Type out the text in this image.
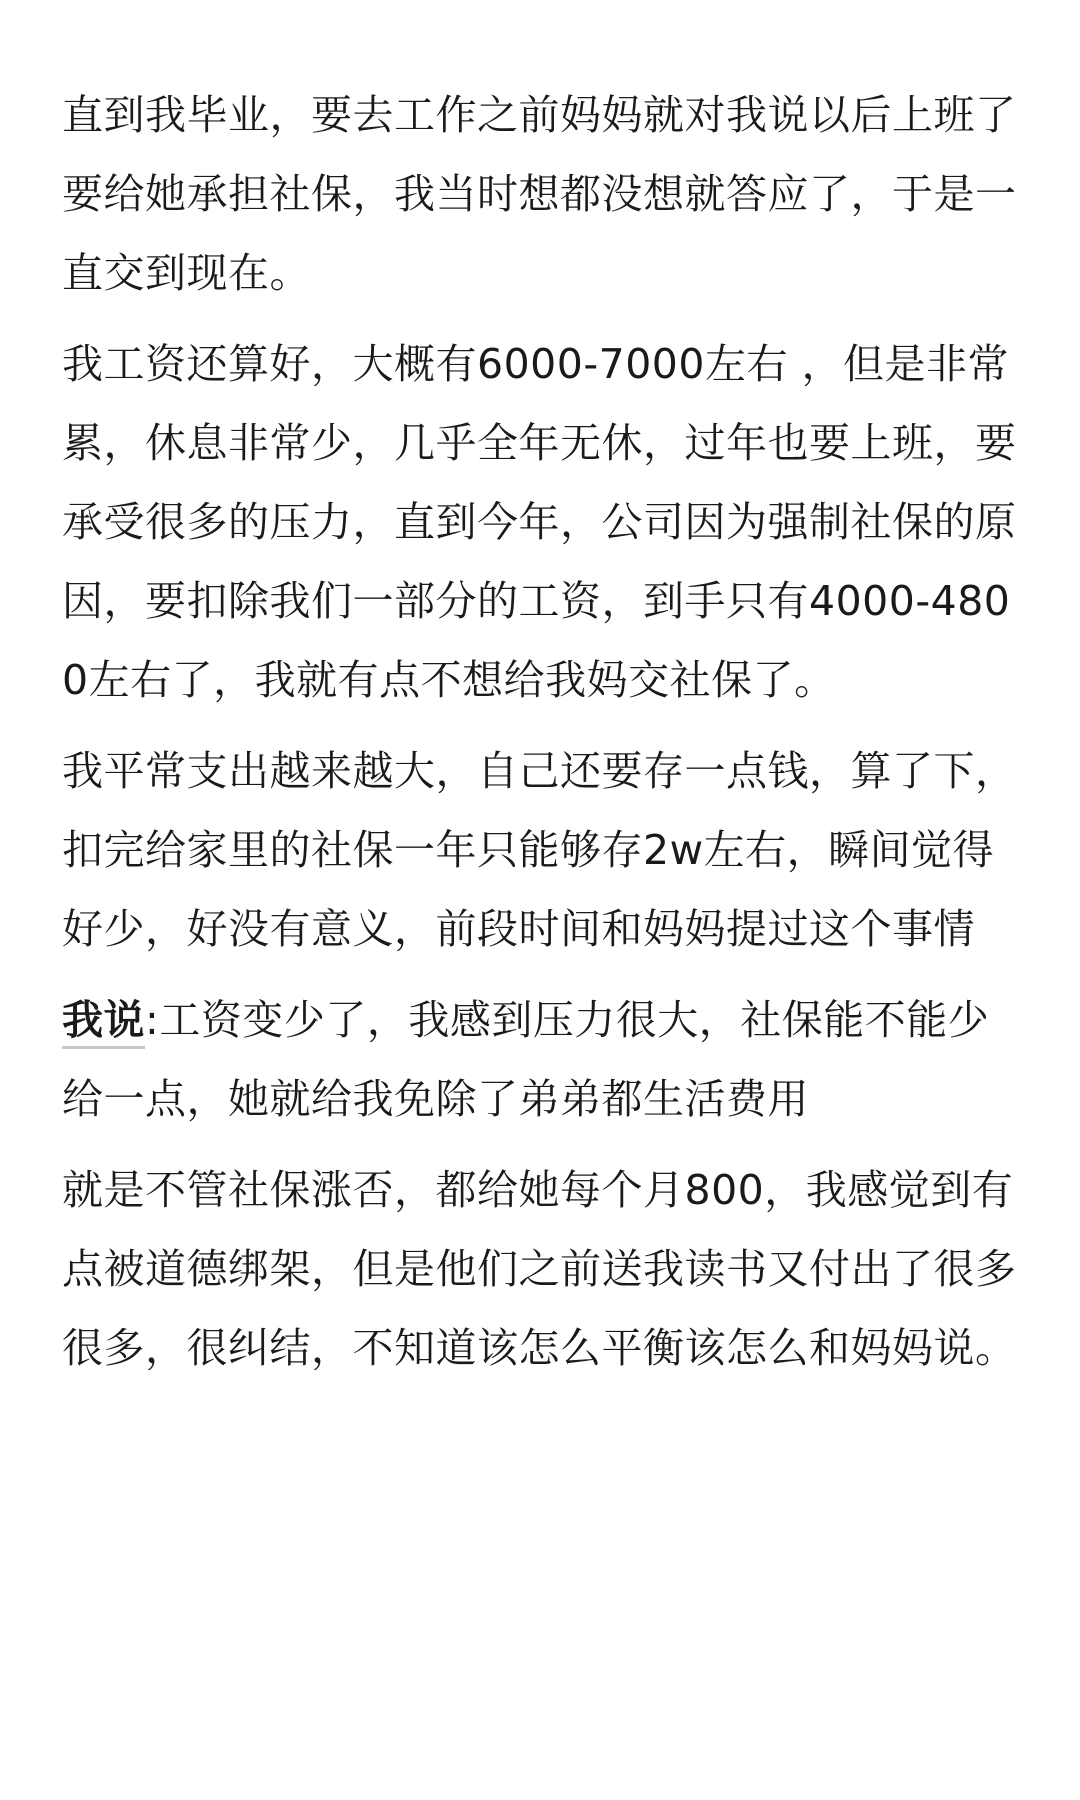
直到我毕业，要去工作之前妈妈就对我说以后上班了要给她承担社保，我当时想都没想就答应了，于是一直交到现在。

我工资还算好，大概有6000-7000左右 ，但是非常累，休息非常少，几乎全年无休，过年也要上班，要承受很多的压力，直到今年，公司因为强制社保的原因，要扣除我们一部分的工资，到手只有4000-4800左右了，我就有点不想给我妈交社保了。

我平常支出越来越大，自己还要存一点钱，算了下，扣完给家里的社保一年只能够存2w左右，瞬间觉得好少，好没有意义，前段时间和妈妈提过这个事情

我说:工资变少了，我感到压力很大，社保能不能少给一点，她就给我免除了弟弟都生活费用

就是不管社保涨否，都给她每个月800，我感觉到有点被道德绑架，但是他们之前送我读书又付出了很多很多，很纠结，不知道该怎么平衡该怎么和妈妈说。
